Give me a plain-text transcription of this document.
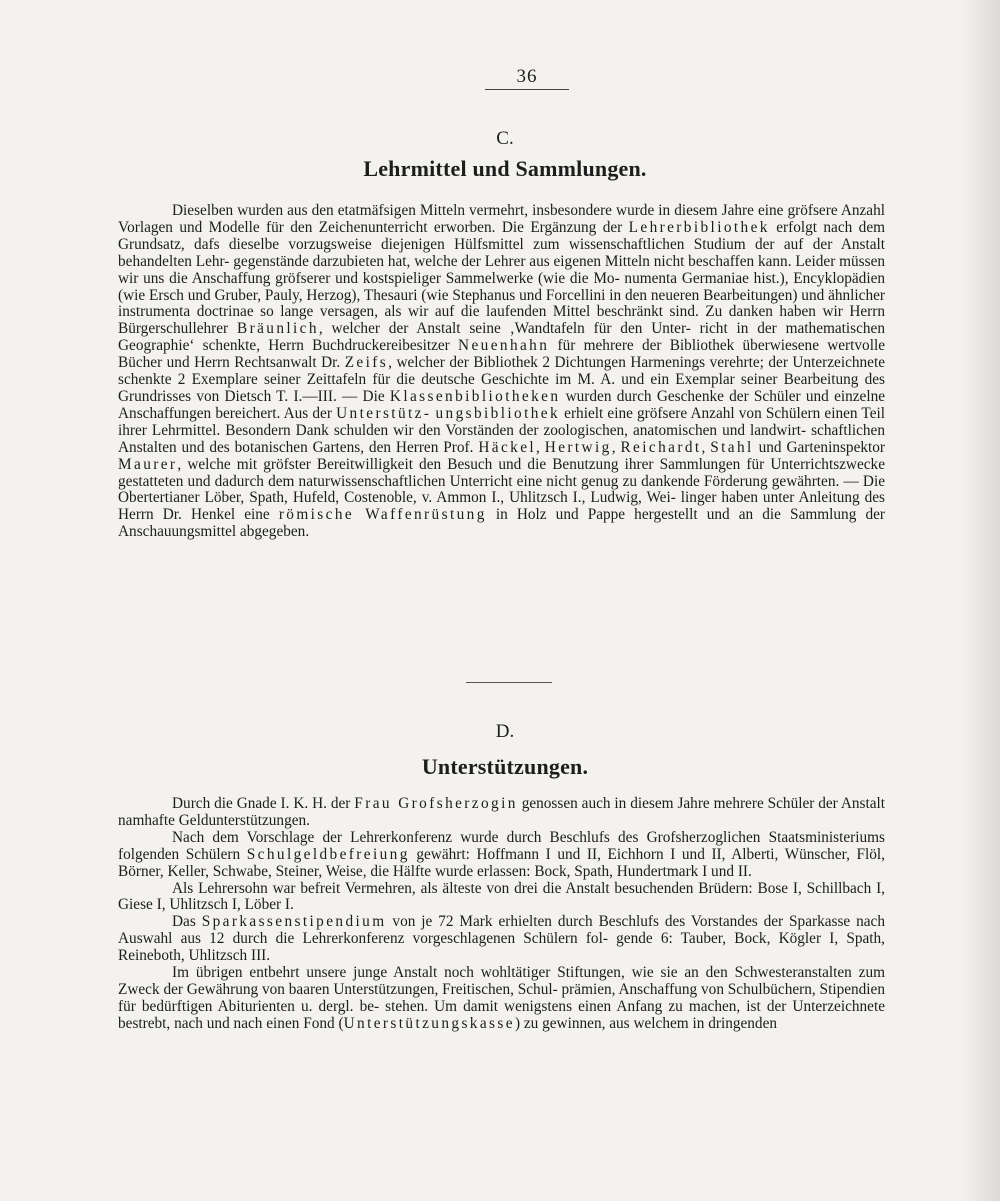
36
C.
Lehrmittel und Sammlungen.

Dieselben wurden aus den etatmäfsigen Mitteln vermehrt, insbesondere wurde in diesem Jahre eine gröfsere Anzahl Vorlagen und Modelle für den Zeichenunterricht erworben. Die Ergänzung der Lehrerbibliothek erfolgt nach dem Grundsatz, dafs dieselbe vorzugsweise diejenigen Hülfsmittel zum wissenschaftlichen Studium der auf der Anstalt behandelten Lehr- gegenstände darzubieten hat, welche der Lehrer aus eigenen Mitteln nicht beschaffen kann. Leider müssen wir uns die Anschaffung gröfserer und kostspieliger Sammelwerke (wie die Mo- numenta Germaniae hist.), Encyklopädien (wie Ersch und Gruber, Pauly, Herzog), Thesauri (wie Stephanus und Forcellini in den neueren Bearbeitungen) und ähnlicher instrumenta doctrinae so lange versagen, als wir auf die laufenden Mittel beschränkt sind. Zu danken haben wir Herrn Bürgerschullehrer Bräunlich, welcher der Anstalt seine ‚Wandtafeln für den Unter- richt in der mathematischen Geographie‘ schenkte, Herrn Buchdruckereibesitzer Neuenhahn für mehrere der Bibliothek überwiesene wertvolle Bücher und Herrn Rechtsanwalt Dr. Zeifs, welcher der Bibliothek 2 Dichtungen Harmenings verehrte; der Unterzeichnete schenkte 2 Exemplare seiner Zeittafeln für die deutsche Geschichte im M. A. und ein Exemplar seiner Bearbeitung des Grundrisses von Dietsch T. I.—III. — Die Klassenbibliotheken wurden durch Geschenke der Schüler und einzelne Anschaffungen bereichert. Aus der Unterstütz- ungsbibliothek erhielt eine gröfsere Anzahl von Schülern einen Teil ihrer Lehrmittel. Besondern Dank schulden wir den Vorständen der zoologischen, anatomischen und landwirt- schaftlichen Anstalten und des botanischen Gartens, den Herren Prof. Häckel, Hertwig, Reichardt, Stahl und Garteninspektor Maurer, welche mit gröfster Bereitwilligkeit den Besuch und die Benutzung ihrer Sammlungen für Unterrichtszwecke gestatteten und dadurch dem naturwissenschaftlichen Unterricht eine nicht genug zu dankende Förderung gewährten. — Die Obertertianer Löber, Spath, Hufeld, Costenoble, v. Ammon I., Uhlitzsch I., Ludwig, Wei- linger haben unter Anleitung des Herrn Dr. Henkel eine römische Waffenrüstung in Holz und Pappe hergestellt und an die Sammlung der Anschauungsmittel abgegeben.

D.
Unterstützungen.

Durch die Gnade I. K. H. der Frau Grofsherzogin genossen auch in diesem Jahre mehrere Schüler der Anstalt namhafte Geldunterstützungen.

Nach dem Vorschlage der Lehrerkonferenz wurde durch Beschlufs des Grofsherzoglichen Staatsministeriums folgenden Schülern Schulgeldbefreiung gewährt: Hoffmann I und II, Eichhorn I und II, Alberti, Wünscher, Flöl, Börner, Keller, Schwabe, Steiner, Weise, die Hälfte wurde erlassen: Bock, Spath, Hundertmark I und II.

Als Lehrersohn war befreit Vermehren, als älteste von drei die Anstalt besuchenden Brüdern: Bose I, Schillbach I, Giese I, Uhlitzsch I, Löber I.

Das Sparkassenstipendium von je 72 Mark erhielten durch Beschlufs des Vorstandes der Sparkasse nach Auswahl aus 12 durch die Lehrerkonferenz vorgeschlagenen Schülern fol- gende 6: Tauber, Bock, Kögler I, Spath, Reineboth, Uhlitzsch III.

Im übrigen entbehrt unsere junge Anstalt noch wohltätiger Stiftungen, wie sie an den Schwesteranstalten zum Zweck der Gewährung von baaren Unterstützungen, Freitischen, Schul- prämien, Anschaffung von Schulbüchern, Stipendien für bedürftigen Abiturienten u. dergl. be- stehen. Um damit wenigstens einen Anfang zu machen, ist der Unterzeichnete bestrebt, nach und nach einen Fond (Unterstützungskasse) zu gewinnen, aus welchem in dringenden
